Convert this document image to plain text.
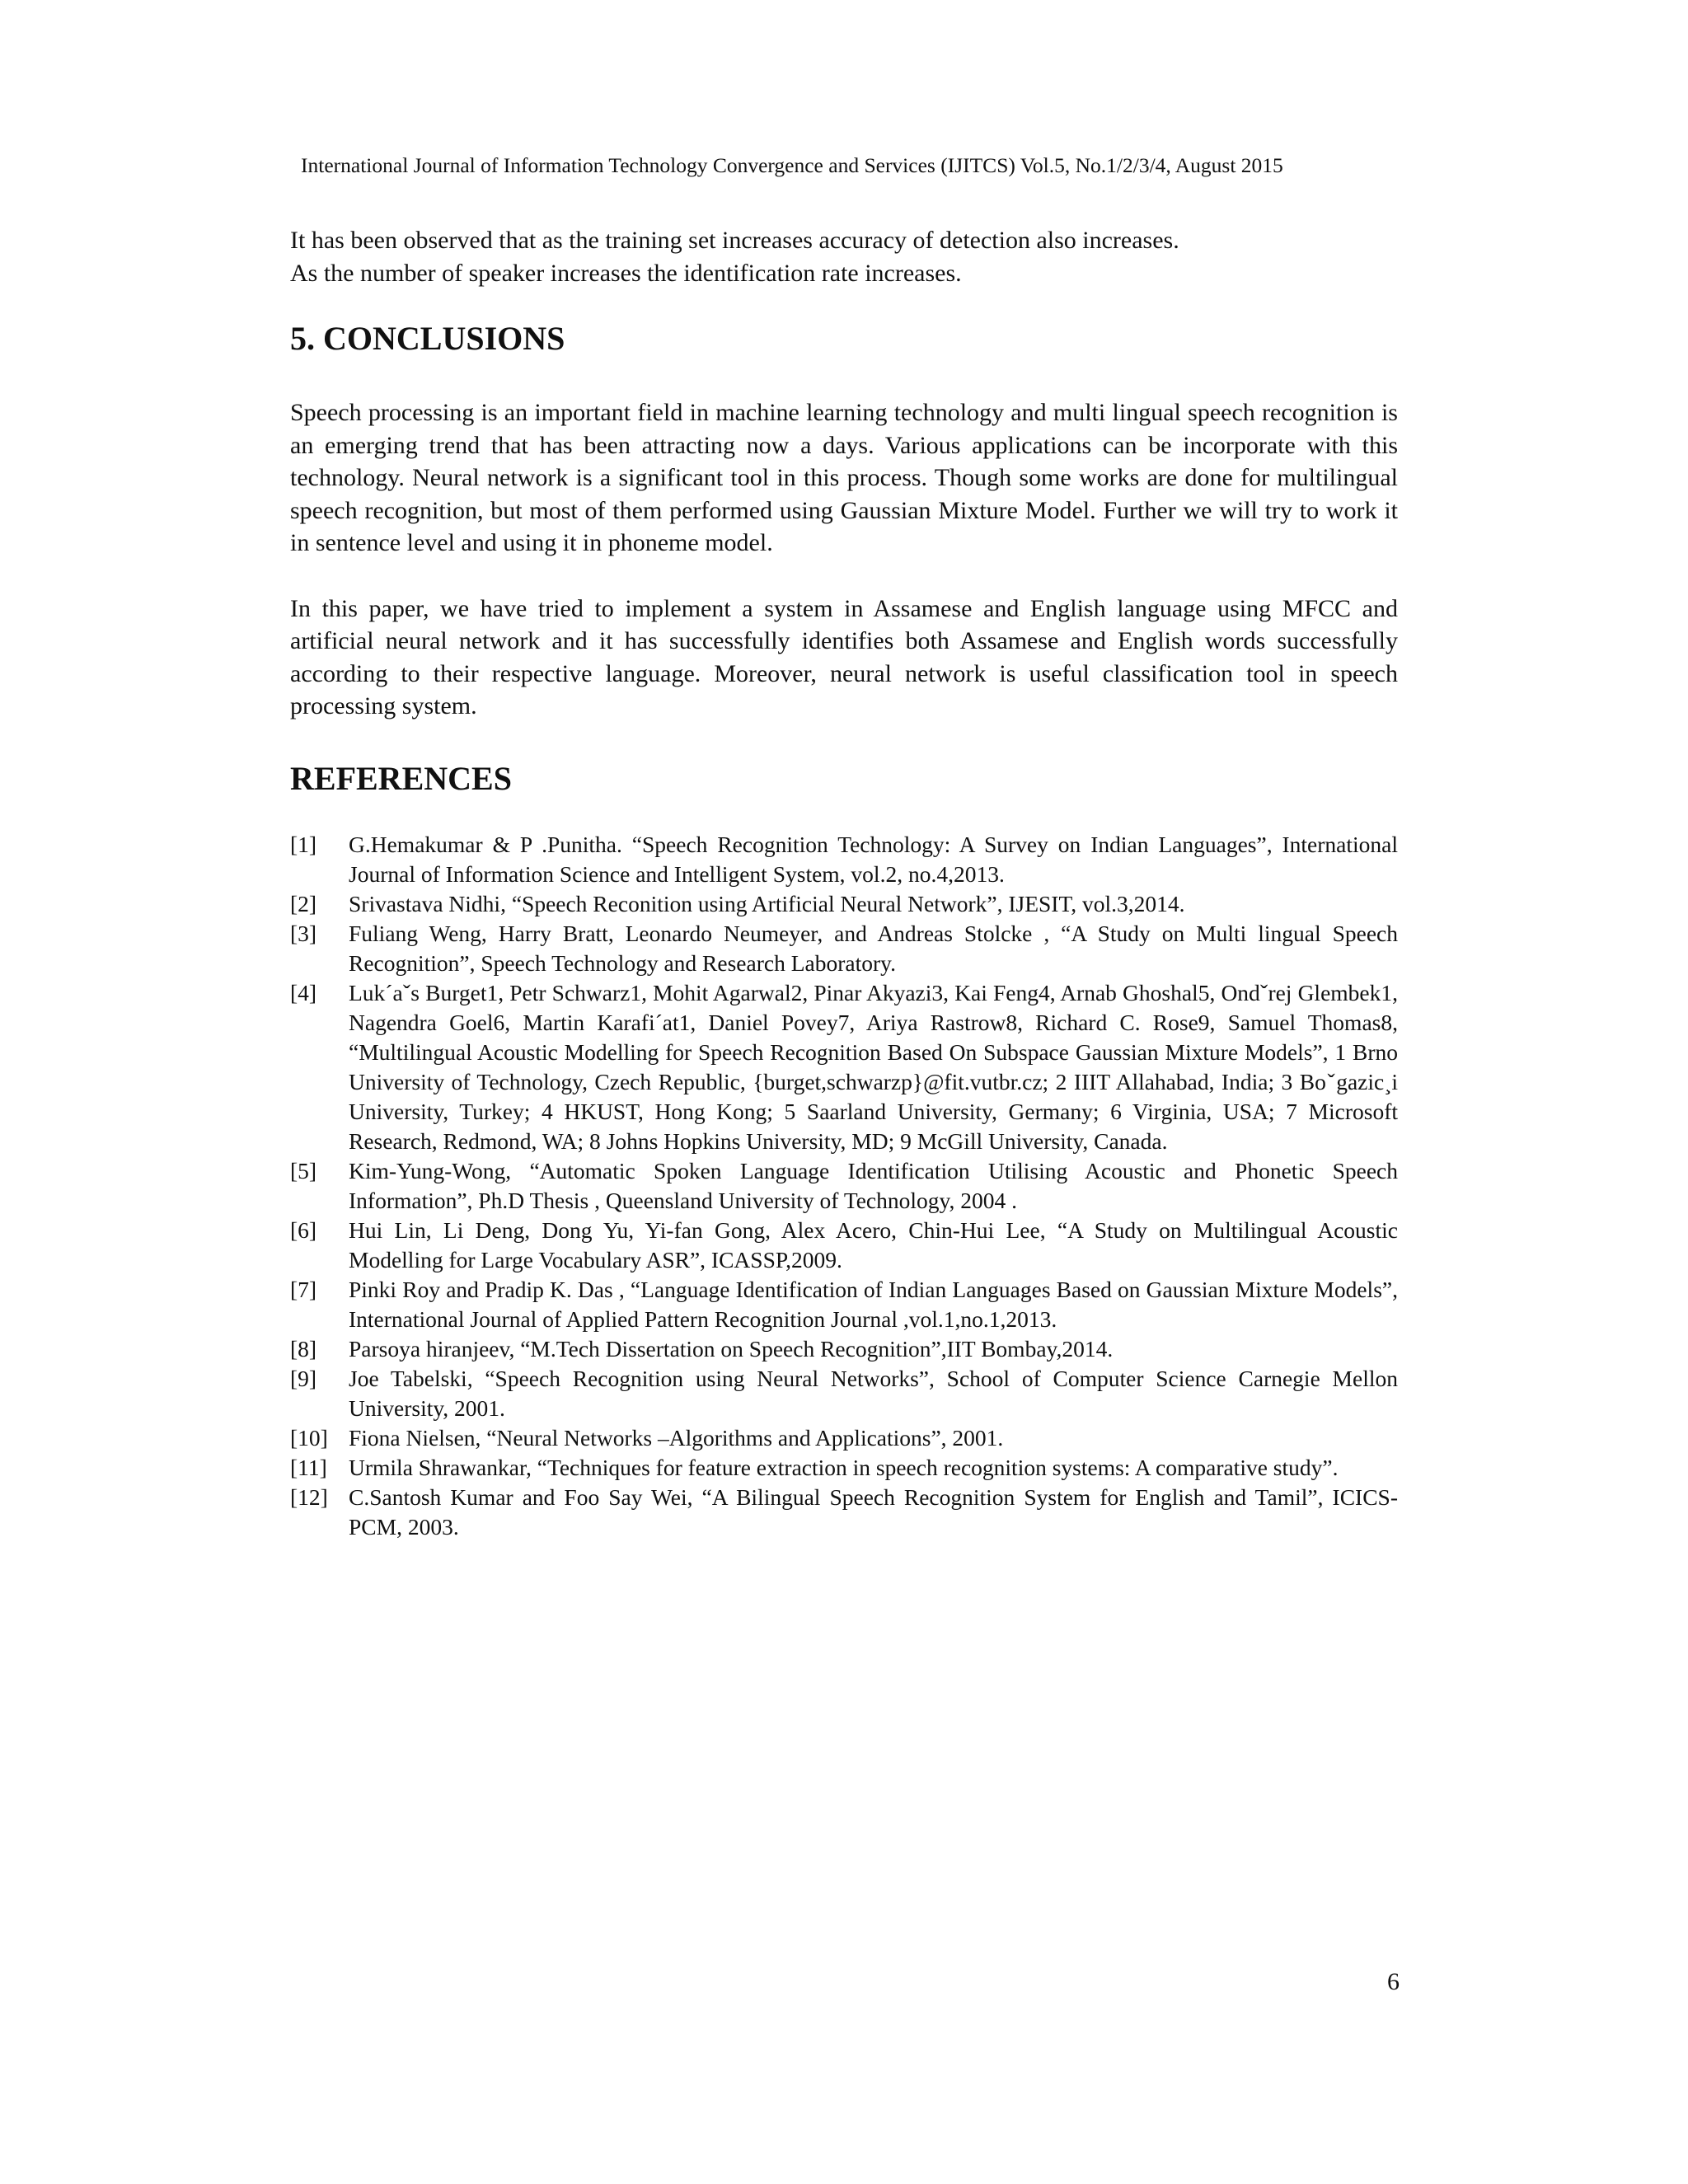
International Journal of Information Technology Convergence and Services (IJITCS) Vol.5, No.1/2/3/4, August 2015

It has been observed that as the training set increases accuracy of detection also increases.

As the number of speaker increases the identification rate increases.

5. CONCLUSIONS

Speech processing is an important field in machine learning technology and multi lingual speech recognition is an emerging trend that has been attracting now a days. Various applications can be incorporate with this technology. Neural network is a significant tool in this process. Though some works are done for multilingual speech recognition, but most of them performed using Gaussian Mixture Model. Further we will try to work it in sentence level and using it in phoneme model.

In this paper, we have tried to implement a system in Assamese and English language using MFCC and artificial neural network and it has successfully identifies both Assamese and English words successfully according to their respective language. Moreover, neural network is useful classification tool in speech processing system.

REFERENCES
[1]	G.Hemakumar & P .Punitha. “Speech Recognition Technology: A Survey on Indian Languages”, International Journal of Information Science and Intelligent System, vol.2, no.4,2013.
[2]	Srivastava Nidhi, “Speech Reconition using Artificial Neural Network”, IJESIT, vol.3,2014.
[3]	Fuliang Weng, Harry Bratt, Leonardo Neumeyer, and Andreas Stolcke , “A Study on Multi lingual Speech Recognition”, Speech Technology and Research Laboratory.
[4]	Luk´aˇs Burget1, Petr Schwarz1, Mohit Agarwal2, Pinar Akyazi3, Kai Feng4, Arnab Ghoshal5, Ondˇrej Glembek1, Nagendra Goel6, Martin Karafi´at1, Daniel Povey7, Ariya Rastrow8, Richard C. Rose9, Samuel Thomas8, “Multilingual Acoustic Modelling for Speech Recognition Based On Subspace Gaussian Mixture Models”, 1 Brno University of Technology, Czech Republic, {burget,schwarzp}@fit.vutbr.cz; 2 IIIT Allahabad, India; 3 Boˇgazic¸i University, Turkey; 4 HKUST, Hong Kong; 5 Saarland University, Germany; 6 Virginia, USA; 7 Microsoft Research, Redmond, WA; 8 Johns Hopkins University, MD; 9 McGill University, Canada.
[5]	Kim-Yung-Wong, “Automatic Spoken Language Identification Utilising Acoustic and Phonetic Speech Information”, Ph.D Thesis , Queensland University of Technology, 2004 .
[6]	Hui Lin, Li Deng, Dong Yu, Yi-fan Gong, Alex Acero, Chin-Hui Lee, “A Study on Multilingual Acoustic Modelling for Large Vocabulary ASR”, ICASSP,2009.
[7]	Pinki Roy and Pradip K. Das , “Language Identification of Indian Languages Based on Gaussian Mixture Models”, International Journal of Applied Pattern Recognition Journal ,vol.1,no.1,2013.
[8]	Parsoya hiranjeev, “M.Tech Dissertation on Speech Recognition”,IIT Bombay,2014.
[9]	Joe Tabelski, “Speech Recognition using Neural Networks”, School of Computer Science Carnegie Mellon University, 2001.
[10] Fiona Nielsen, “Neural Networks –Algorithms and Applications”, 2001.
[11] Urmila Shrawankar, “Techniques for feature extraction in speech recognition systems: A comparative study”.
[12] C.Santosh Kumar and Foo Say Wei, “A Bilingual Speech Recognition System for English and Tamil”, ICICS-PCM, 2003.
6
